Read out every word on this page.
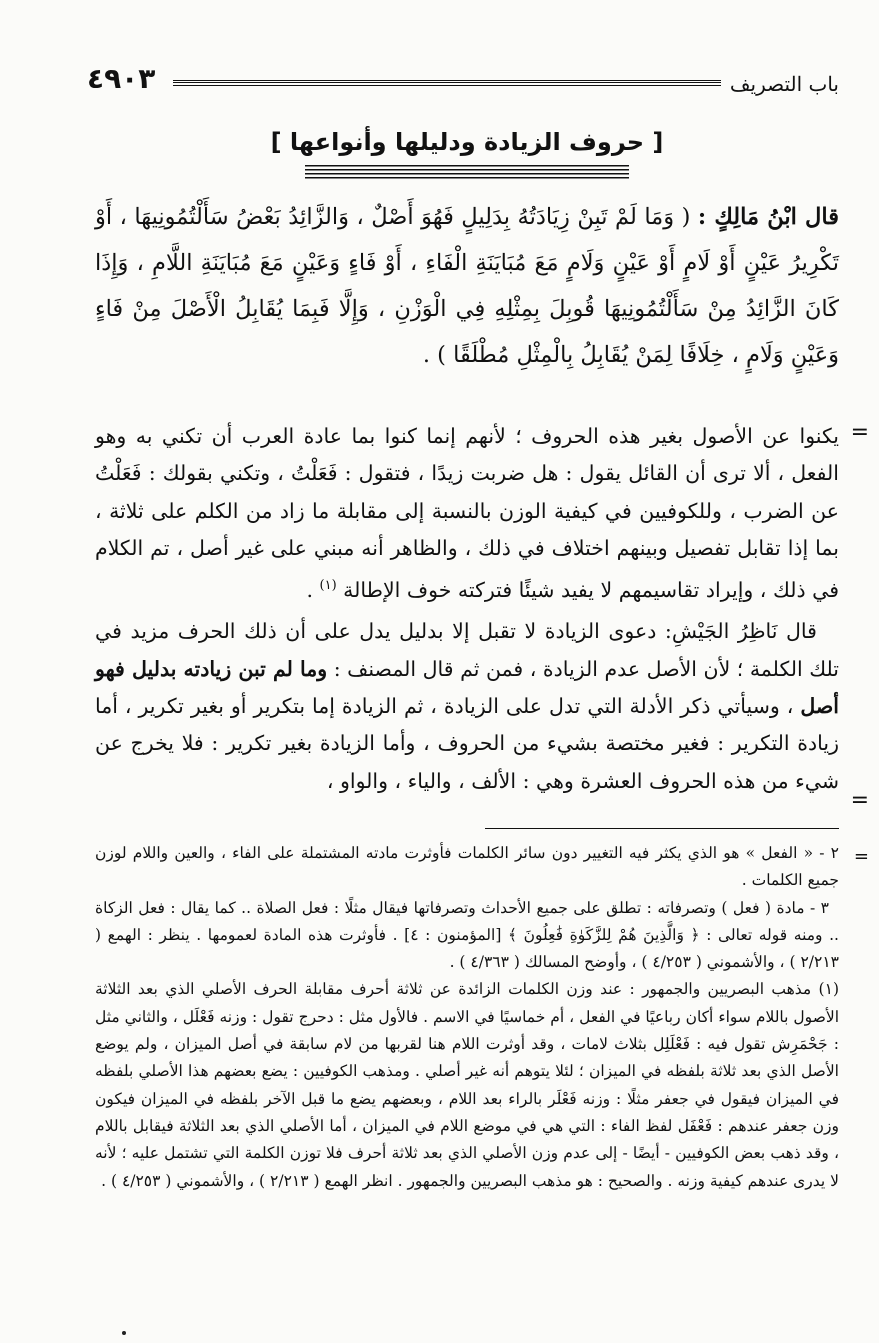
باب التصريف
٤٩٠٣
[ حروف الزيادة ودليلها وأنواعها ]
قال ابْنُ مَالِكٍ : ( وَمَا لَمْ تَبِنْ زِيَادَتُهُ بِدَلِيلٍ فَهُوَ أَصْلٌ ، وَالزَّائِدُ بَعْضُ سَأَلْتُمُونِيهَا ، أَوْ تَكْرِيرُ عَيْنٍ أَوْ لَامٍ أَوْ عَيْنٍ وَلَامٍ مَعَ مُبَايَنَةِ الْفَاءِ ، أَوْ فَاءٍ وَعَيْنٍ مَعَ مُبَايَنَةِ اللَّامِ ، وَإِذَا كَانَ الزَّائِدُ مِنْ سَأَلْتُمُونِيهَا قُوبِلَ بِمِثْلِهِ فِي الْوَزْنِ ، وَإِلَّا فَبِمَا يُقَابِلُ الْأَصْلَ مِنْ فَاءٍ وَعَيْنٍ وَلَامٍ ، خِلَافًا لِمَنْ يُقَابِلُ بِالْمِثْلِ مُطْلَقًا ) .
=

يكنوا عن الأصول بغير هذه الحروف ؛ لأنهم إنما كنوا بما عادة العرب أن تكني به وهو الفعل ، ألا ترى أن القائل يقول : هل ضربت زيدًا ، فتقول : فَعَلْتُ ، وتكني بقولك : فَعَلْتُ عن الضرب ، وللكوفيين في كيفية الوزن بالنسبة إلى مقابلة ما زاد من الكلم على ثلاثة ، بما إذا تقابل تفصيل وبينهم اختلاف في ذلك ، والظاهر أنه مبني على غير أصل ، تم الكلام في ذلك ، وإيراد تقاسيمهم لا يفيد شيئًا فتركته خوف الإطالة $^{(١)}$ .

قال نَاظِرُ الجَيْشِ: دعوى الزيادة لا تقبل إلا بدليل يدل على أن ذلك الحرف مزيد في تلك الكلمة ؛ لأن الأصل عدم الزيادة ، فمن ثم قال المصنف : وما لم تبن زيادته بدليل فهو أصل ، وسيأتي ذكر الأدلة التي تدل على الزيادة ، ثم الزيادة إما بتكرير أو بغير تكرير ، أما زيادة التكرير : فغير مختصة بشيء من الحروف ، وأما الزيادة بغير تكرير : فلا يخرج عن شيء من هذه الحروف العشرة وهي : الألف ، والياء ، والواو ،

=
=

٢ - « الفعل » هو الذي يكثر فيه التغيير دون سائر الكلمات فأوثرت مادته المشتملة على الفاء ، والعين واللام لوزن جميع الكلمات .

٣ - مادة ( فعل ) وتصرفاته : تطلق على جميع الأحداث وتصرفاتها فيقال مثلًا : فعل الصلاة .. كما يقال : فعل الزكاة .. ومنه قوله تعالى : ﴿ وَالَّذِينَ هُمْ لِلزَّكَوٰةِ فَٰعِلُونَ ﴾ [المؤمنون : ٤] . فأوثرت هذه المادة لعمومها . ينظر : الهمع ( ٢/٢١٣ ) ، والأشموني ( ٤/٢٥٣ ) ، وأوضح المسالك ( ٤/٣٦٣ ) .

(١) مذهب البصريين والجمهور : عند وزن الكلمات الزائدة عن ثلاثة أحرف مقابلة الحرف الأصلي الذي بعد الثلاثة الأصول باللام سواء أكان رباعيًا في الفعل ، أم خماسيًا في الاسم . فالأول مثل : دحرج تقول : وزنه فَعْلَل ، والثاني مثل : جَحْمَرِش تقول فيه : فَعْلَلِل بثلاث لامات ، وقد أوثرت اللام هنا لقربها من لام سابقة في أصل الميزان ، ولم يوضع الأصل الذي بعد ثلاثة بلفظه في الميزان ؛ لئلا يتوهم أنه غير أصلي . ومذهب الكوفيين : يضع بعضهم هذا الأصلي بلفظه في الميزان فيقول في جعفر مثلًا : وزنه فَعْلَر بالراء بعد اللام ، وبعضهم يضع ما قبل الآخر بلفظه في الميزان فيكون وزن جعفر عندهم : فَعْفَل لفظ الفاء : التي هي في موضع اللام في الميزان ، أما الأصلي الذي بعد الثلاثة فيقابل باللام ، وقد ذهب بعض الكوفيين - أيضًا - إلى عدم وزن الأصلي الذي بعد ثلاثة أحرف فلا توزن الكلمة التي تشتمل عليه ؛ لأنه لا يدرى عندهم كيفية وزنه . والصحيح : هو مذهب البصريين والجمهور . انظر الهمع ( ٢/٢١٣ ) ، والأشموني ( ٤/٢٥٣ ) .
